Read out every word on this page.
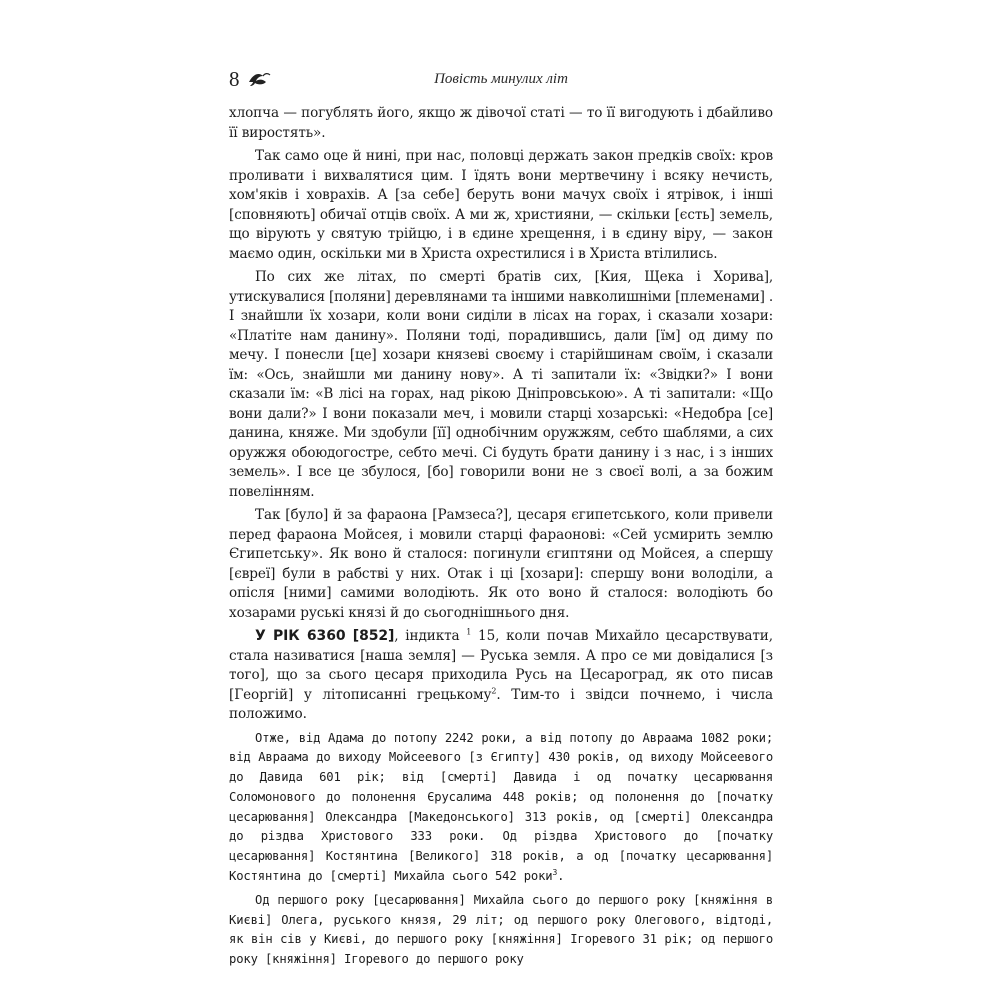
8	Повість минулих літ

хлопча — погублять його, якщо ж дівочої статі — то її вигодують і дбайливо її виростять».

Так само оце й нині, при нас, половці держать закон предків своїх: кров проливати і вихвалятися цим. І їдять вони мертвечину і всяку нечисть, хом'яків і ховрахів. А [за себе] беруть вони мачух своїх і ятрівок, і інші [сповняють] обичаї отців своїх. А ми ж, християни, — скільки [єсть] земель, що вірують у святую трійцю, і в єдине хрещення, і в єдину віру, — закон маємо один, оскільки ми в Христа охрестилися і в Христа втілились.

По сих же літах, по смерті братів сих, [Кия, Щека і Хорива], утискувалися [поляни] деревлянами та іншими навколишніми [племенами] . І знайшли їх хозари, коли вони сиділи в лісах на горах, і сказали хозари: «Платіте нам данину». Поляни тоді, порадившись, дали [їм] од диму по мечу. І понесли [це] хозари князеві своєму і старійшинам своїм, і сказали їм: «Ось, знайшли ми данину нову». А ті запитали їх: «Звідки?» І вони сказали їм: «В лісі на горах, над рікою Дніпровською». А ті запитали: «Що вони дали?» І вони показали меч, і мовили старці хозарські: «Недобра [се] данина, княже. Ми здобули [її] однобічним оружжям, себто шаблями, а сих оружжя обоюдогостре, себто мечі. Сі будуть брати данину і з нас, і з інших земель». І все це збулося, [бо] говорили вони не з своєї волі, а за божим повелінням.

Так [було] й за фараона [Рамзеса?], цесаря єгипетського, коли привели перед фараона Мойсея, і мовили старці фараонові: «Сей усмирить землю Єгипетську». Як воно й сталося: погинули єгиптяни од Мойсея, а спершу [євреї] були в рабстві у них. Отак і ці [хозари]: спершу вони володіли, а опісля [ними] самими володіють. Як ото воно й сталося: володіють бо хозарами руські князі й до сьогоднішнього дня.

У РІК 6360 [852], індикта $^1$ 15, коли почав Михайло цесарствувати, стала називатися [наша земля] — Руська земля. А про се ми довідалися [з того], що за сього цесаря приходила Русь на Цесароград, як ото писав [Георгій] у літописанні грецькому$^2$. Тим-то і звідси почнемо, і числа положимо.

Отже, від Адама до потопу 2242 роки, а від потопу до Авраама 1082 роки; від Авраама до виходу Мойсеевого [з Єгипту] 430 років, од виходу Мойсеевого до Давида 601 рік; від [смерті] Давида і од початку цесарювання Соломонового до полонення Єрусалима 448 років; од полонення до [початку цесарювання] Олександра [Македонського] 313 років, од [смерті] Олександра до різдва Христового 333 роки. Од різдва Христового до [початку цесарювання] Костянтина [Великого] 318 років, а од [початку цесарювання] Костянтина до [смерті] Михайла сього 542 роки$^3$.

Од першого року [цесарювання] Михайла сього до першого року [княжіння в Києві] Олега, руського князя, 29 літ; од першого року Олегового, відтоді, як він сів у Києві, до першого року [княжіння] Ігоревого 31 рік; од першого року [княжіння] Ігоревого до першого року
